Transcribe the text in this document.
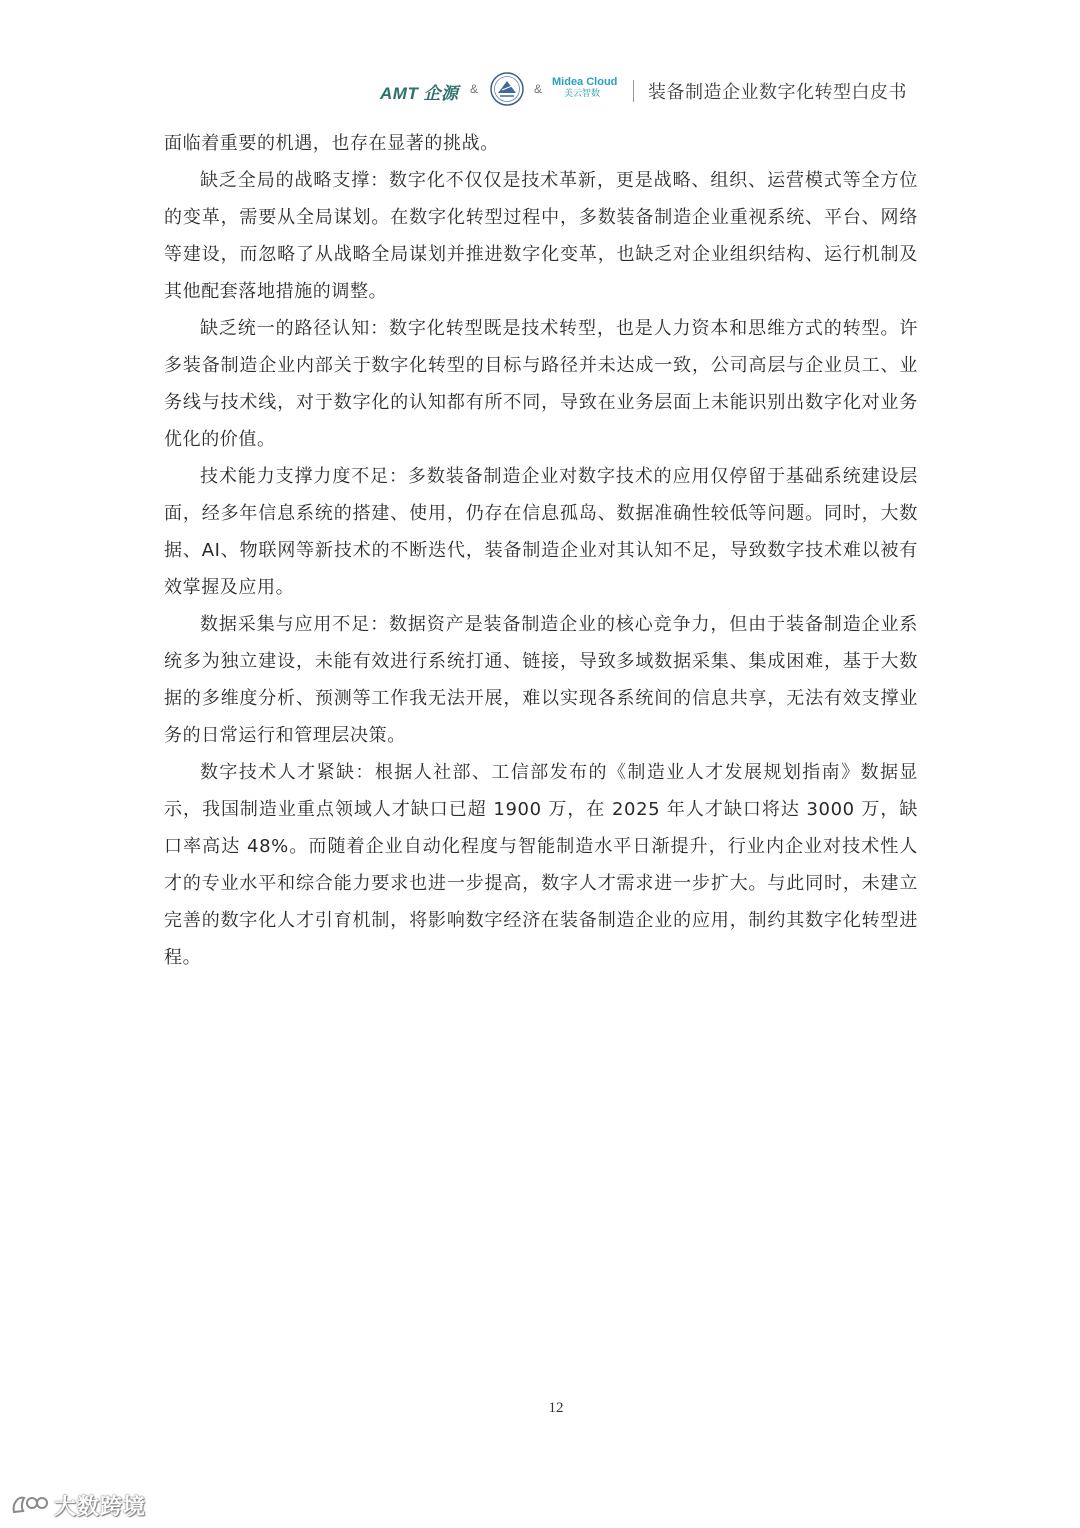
AMT 企源 &	& Midea Cloud
美云智数	装备制造企业数字化转型白皮书

面临着重要的机遇，也存在显著的挑战。

缺乏全局的战略支撑：数字化不仅仅是技术革新，更是战略、组织、运营模式等全方位的变革，需要从全局谋划。在数字化转型过程中，多数装备制造企业重视系统、平台、网络等建设，而忽略了从战略全局谋划并推进数字化变革，也缺乏对企业组织结构、运行机制及其他配套落地措施的调整。

缺乏统一的路径认知：数字化转型既是技术转型，也是人力资本和思维方式的转型。许多装备制造企业内部关于数字化转型的目标与路径并未达成一致，公司高层与企业员工、业务线与技术线，对于数字化的认知都有所不同，导致在业务层面上未能识别出数字化对业务优化的价值。

技术能力支撑力度不足：多数装备制造企业对数字技术的应用仅停留于基础系统建设层面，经多年信息系统的搭建、使用，仍存在信息孤岛、数据准确性较低等问题。同时，大数据、AI、物联网等新技术的不断迭代，装备制造企业对其认知不足，导致数字技术难以被有效掌握及应用。

数据采集与应用不足：数据资产是装备制造企业的核心竞争力，但由于装备制造企业系统多为独立建设，未能有效进行系统打通、链接，导致多域数据采集、集成困难，基于大数据的多维度分析、预测等工作我无法开展，难以实现各系统间的信息共享，无法有效支撑业务的日常运行和管理层决策。

数字技术人才紧缺：根据人社部、工信部发布的《制造业人才发展规划指南》数据显示，我国制造业重点领域人才缺口已超 1900 万，在 2025 年人才缺口将达 3000 万，缺口率高达 48%。而随着企业自动化程度与智能制造水平日渐提升，行业内企业对技术性人才的专业水平和综合能力要求也进一步提高，数字人才需求进一步扩大。与此同时，未建立完善的数字化人才引育机制，将影响数字经济在装备制造企业的应用，制约其数字化转型进程。

12
大数跨境
